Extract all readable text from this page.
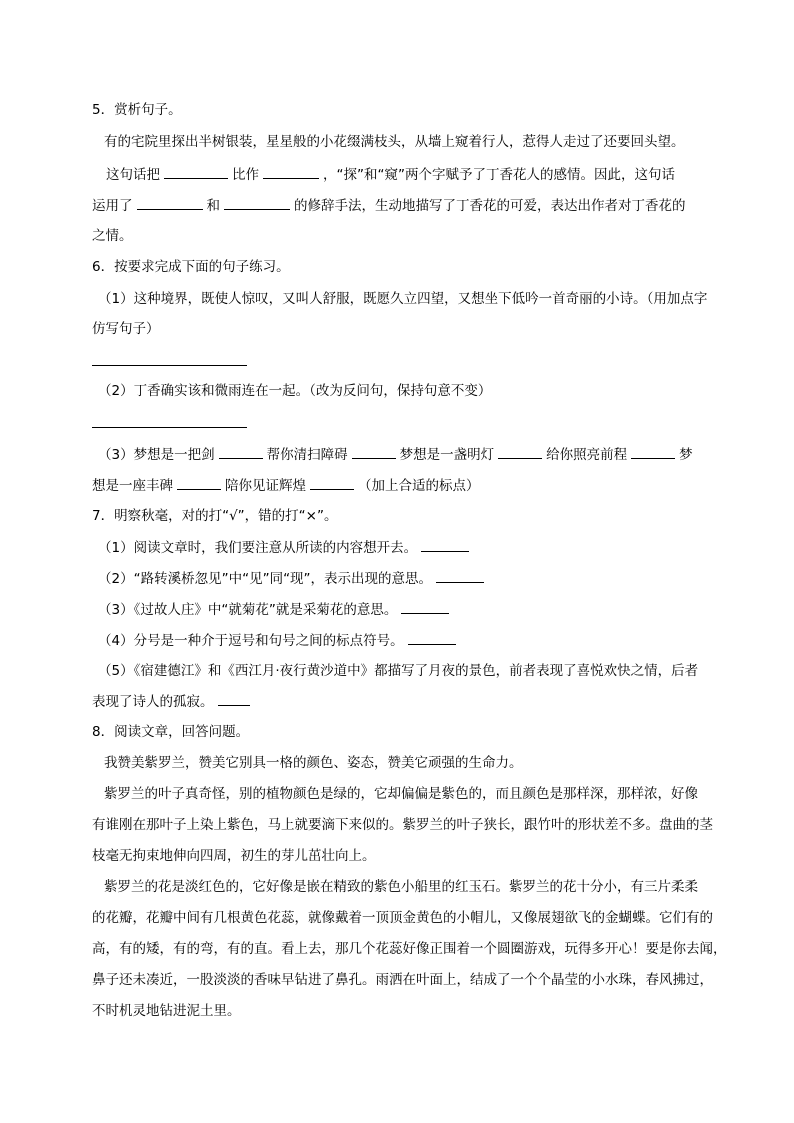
5．赏析句子。
有的宅院里探出半树银装，星星般的小花缀满枝头，从墙上窥着行人，惹得人走过了还要回头望。
这句话把	比作	，“探”和“窥”两个字赋予了丁香花人的感情。因此，这句话
运用了	和	的修辞手法，生动地描写了丁香花的可爱，表达出作者对丁香花的
之情。
6．按要求完成下面的句子练习。
（1）这种境界，既使人惊叹，又叫人舒服，既愿久立四望，又想坐下低吟一首奇丽的小诗。（用加点字
仿写句子）
（2）丁香确实该和微雨连在一起。（改为反问句，保持句意不变）
（3）梦想是一把剑	帮你清扫障碍	梦想是一盏明灯	给你照亮前程	梦
想是一座丰碑	陪你见证辉煌	（加上合适的标点）
7．明察秋毫，对的打“√”，错的打“×”。
（1）阅读文章时，我们要注意从所读的内容想开去。
（2）“路转溪桥忽见”中“见”同“现”，表示出现的意思。
（3）《过故人庄》中“就菊花”就是采菊花的意思。
（4）分号是一种介于逗号和句号之间的标点符号。
（5）《宿建德江》和《西江月·夜行黄沙道中》都描写了月夜的景色，前者表现了喜悦欢快之情，后者
表现了诗人的孤寂。
8．阅读文章，回答问题。
我赞美紫罗兰，赞美它别具一格的颜色、姿态，赞美它顽强的生命力。
紫罗兰的叶子真奇怪，别的植物颜色是绿的，它却偏偏是紫色的，而且颜色是那样深，那样浓，好像
有谁刚在那叶子上染上紫色，马上就要滴下来似的。紫罗兰的叶子狭长，跟竹叶的形状差不多。盘曲的茎
枝毫无拘束地伸向四周，初生的芽儿茁壮向上。
紫罗兰的花是淡红色的，它好像是嵌在精致的紫色小船里的红玉石。紫罗兰的花十分小，有三片柔柔
的花瓣，花瓣中间有几根黄色花蕊，就像戴着一顶顶金黄色的小帽儿，又像展翅欲飞的金蝴蝶。它们有的
高，有的矮，有的弯，有的直。看上去，那几个花蕊好像正围着一个圆圈游戏，玩得多开心！要是你去闻，
鼻子还未凑近，一股淡淡的香味早钻进了鼻孔。雨洒在叶面上，结成了一个个晶莹的小水珠，春风拂过，
不时机灵地钻进泥土里。
